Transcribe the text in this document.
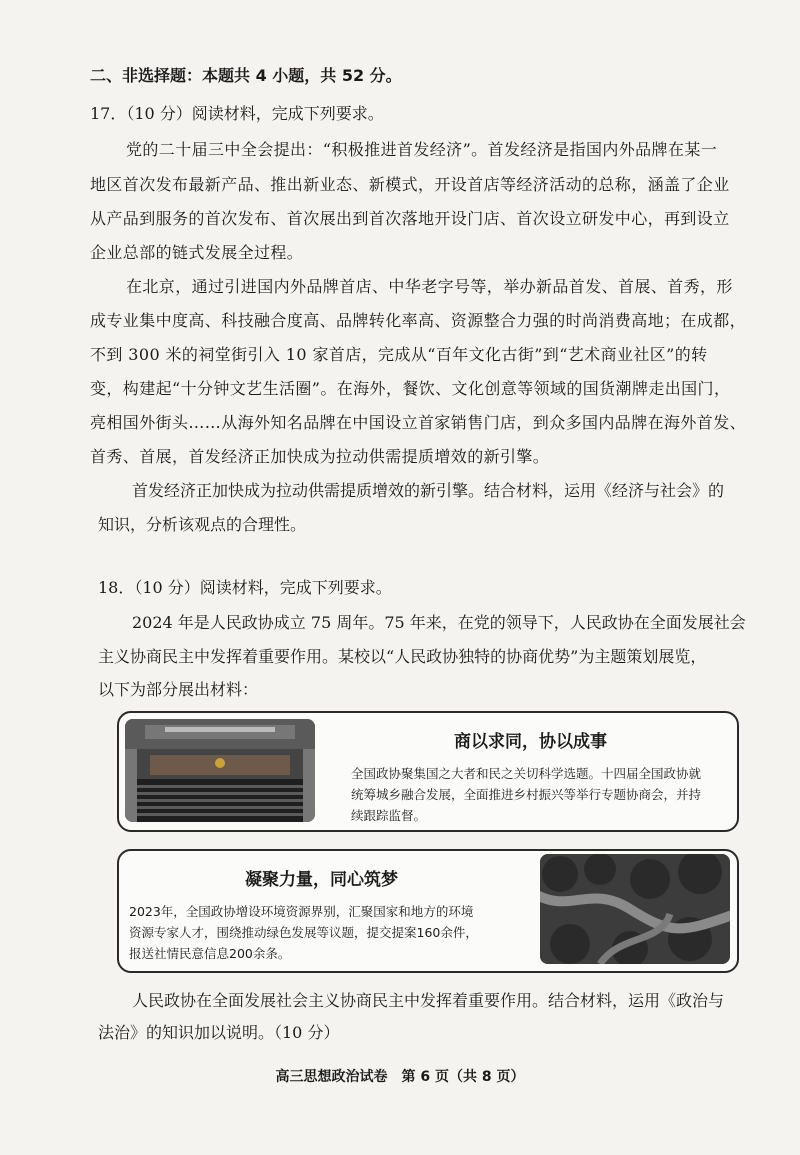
二、非选择题：本题共 4 小题，共 52 分。
17．（10 分）阅读材料，完成下列要求。
党的二十届三中全会提出：“积极推进首发经济”。首发经济是指国内外品牌在某一
地区首次发布最新产品、推出新业态、新模式，开设首店等经济活动的总称，涵盖了企业
从产品到服务的首次发布、首次展出到首次落地开设门店、首次设立研发中心，再到设立
企业总部的链式发展全过程。
在北京，通过引进国内外品牌首店、中华老字号等，举办新品首发、首展、首秀，形
成专业集中度高、科技融合度高、品牌转化率高、资源整合力强的时尚消费高地；在成都，
不到 300 米的祠堂街引入 10 家首店，完成从“百年文化古街”到“艺术商业社区”的转
变，构建起“十分钟文艺生活圈”。在海外，餐饮、文化创意等领域的国货潮牌走出国门，
亮相国外街头……从海外知名品牌在中国设立首家销售门店，到众多国内品牌在海外首发、
首秀、首展，首发经济正加快成为拉动供需提质增效的新引擎。
首发经济正加快成为拉动供需提质增效的新引擎。结合材料，运用《经济与社会》的
知识，分析该观点的合理性。
18．（10 分）阅读材料，完成下列要求。
2024 年是人民政协成立 75 周年。75 年来，在党的领导下，人民政协在全面发展社会
主义协商民主中发挥着重要作用。某校以“人民政协独特的协商优势”为主题策划展览，
以下为部分展出材料：
商以求同，协以成事
全国政协聚集国之大者和民之关切科学选题。十四届全国政协就
统筹城乡融合发展，全面推进乡村振兴等举行专题协商会，并持
续跟踪监督。
凝聚力量，同心筑梦
2023年，全国政协增设环境资源界别，汇聚国家和地方的环境
资源专家人才，围绕推动绿色发展等议题，提交提案160余件，
报送社情民意信息200余条。
人民政协在全面发展社会主义协商民主中发挥着重要作用。结合材料，运用《政治与
法治》的知识加以说明。（10 分）
高三思想政治试卷　第 6 页（共 8 页）
